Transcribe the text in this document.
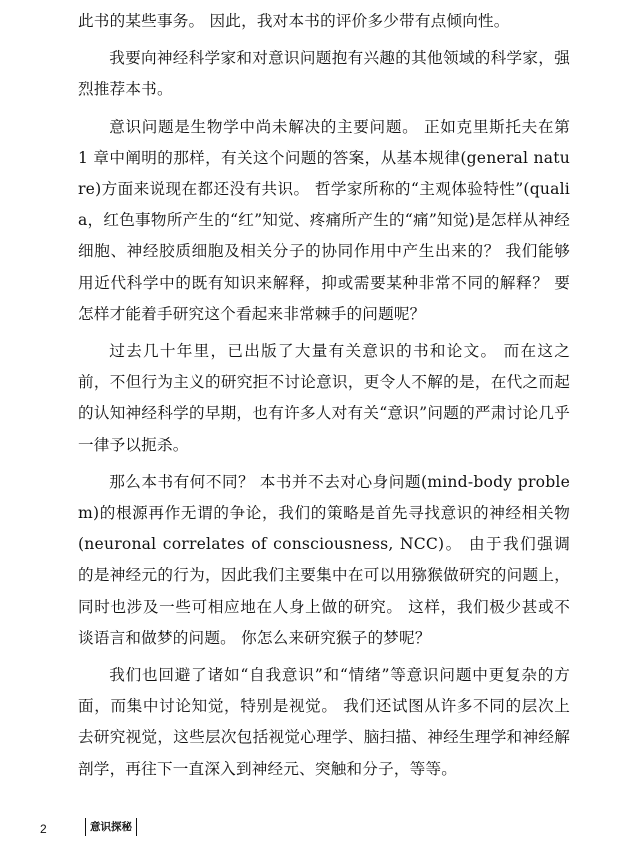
此书的某些事务。 因此，我对本书的评价多少带有点倾向性。

我要向神经科学家和对意识问题抱有兴趣的其他领域的科学家，强烈推荐本书。

意识问题是生物学中尚未解决的主要问题。 正如克里斯托夫在第 1 章中阐明的那样，有关这个问题的答案，从基本规律(general nature)方面来说现在都还没有共识。 哲学家所称的“主观体验特性”(qualia，红色事物所产生的“红”知觉、疼痛所产生的“痛”知觉)是怎样从神经细胞、神经胶质细胞及相关分子的协同作用中产生出来的？ 我们能够用近代科学中的既有知识来解释，抑或需要某种非常不同的解释？ 要怎样才能着手研究这个看起来非常棘手的问题呢？

过去几十年里，已出版了大量有关意识的书和论文。 而在这之前，不但行为主义的研究拒不讨论意识，更令人不解的是，在代之而起的认知神经科学的早期，也有许多人对有关“意识”问题的严肃讨论几乎一律予以扼杀。

那么本书有何不同？ 本书并不去对心身问题(mind-body problem)的根源再作无谓的争论，我们的策略是首先寻找意识的神经相关物(neuronal correlates of consciousness, NCC)。 由于我们强调的是神经元的行为，因此我们主要集中在可以用猕猴做研究的问题上，同时也涉及一些可相应地在人身上做的研究。 这样，我们极少甚或不谈语言和做梦的问题。 你怎么来研究猴子的梦呢？

我们也回避了诸如“自我意识”和“情绪”等意识问题中更复杂的方面，而集中讨论知觉，特别是视觉。 我们还试图从许多不同的层次上去研究视觉，这些层次包括视觉心理学、脑扫描、神经生理学和神经解剖学，再往下一直深入到神经元、突触和分子，等等。

2	意识探秘
